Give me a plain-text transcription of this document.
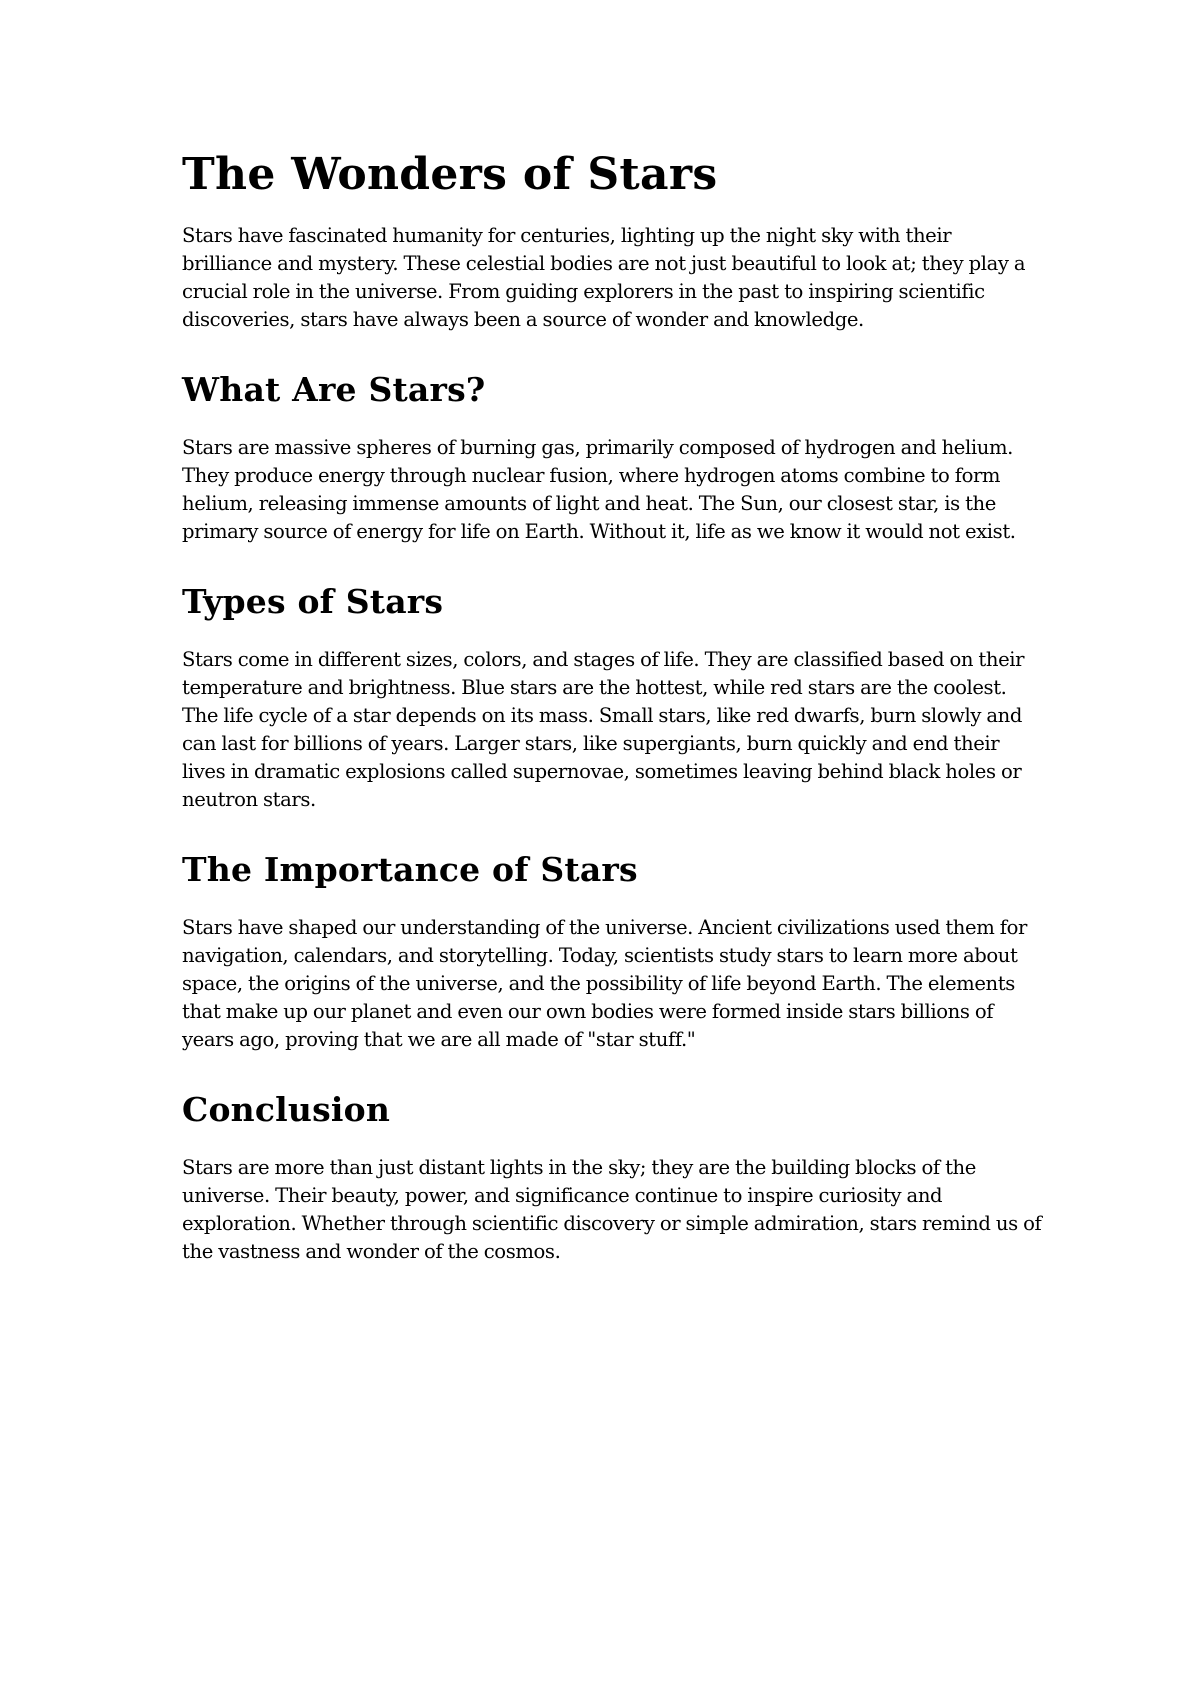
The Wonders of Stars

Stars have fascinated humanity for centuries, lighting up the night sky with their brilliance and mystery. These celestial bodies are not just beautiful to look at; they play a crucial role in the universe. From guiding explorers in the past to inspiring scientific discoveries, stars have always been a source of wonder and knowledge.

What Are Stars?

Stars are massive spheres of burning gas, primarily composed of hydrogen and helium. They produce energy through nuclear fusion, where hydrogen atoms combine to form helium, releasing immense amounts of light and heat. The Sun, our closest star, is the primary source of energy for life on Earth. Without it, life as we know it would not exist.

Types of Stars

Stars come in different sizes, colors, and stages of life. They are classified based on their temperature and brightness. Blue stars are the hottest, while red stars are the coolest. The life cycle of a star depends on its mass. Small stars, like red dwarfs, burn slowly and can last for billions of years. Larger stars, like supergiants, burn quickly and end their lives in dramatic explosions called supernovae, sometimes leaving behind black holes or neutron stars.

The Importance of Stars

Stars have shaped our understanding of the universe. Ancient civilizations used them for navigation, calendars, and storytelling. Today, scientists study stars to learn more about space, the origins of the universe, and the possibility of life beyond Earth. The elements that make up our planet and even our own bodies were formed inside stars billions of years ago, proving that we are all made of "star stuff."

Conclusion

Stars are more than just distant lights in the sky; they are the building blocks of the universe. Their beauty, power, and significance continue to inspire curiosity and exploration. Whether through scientific discovery or simple admiration, stars remind us of the vastness and wonder of the cosmos.
